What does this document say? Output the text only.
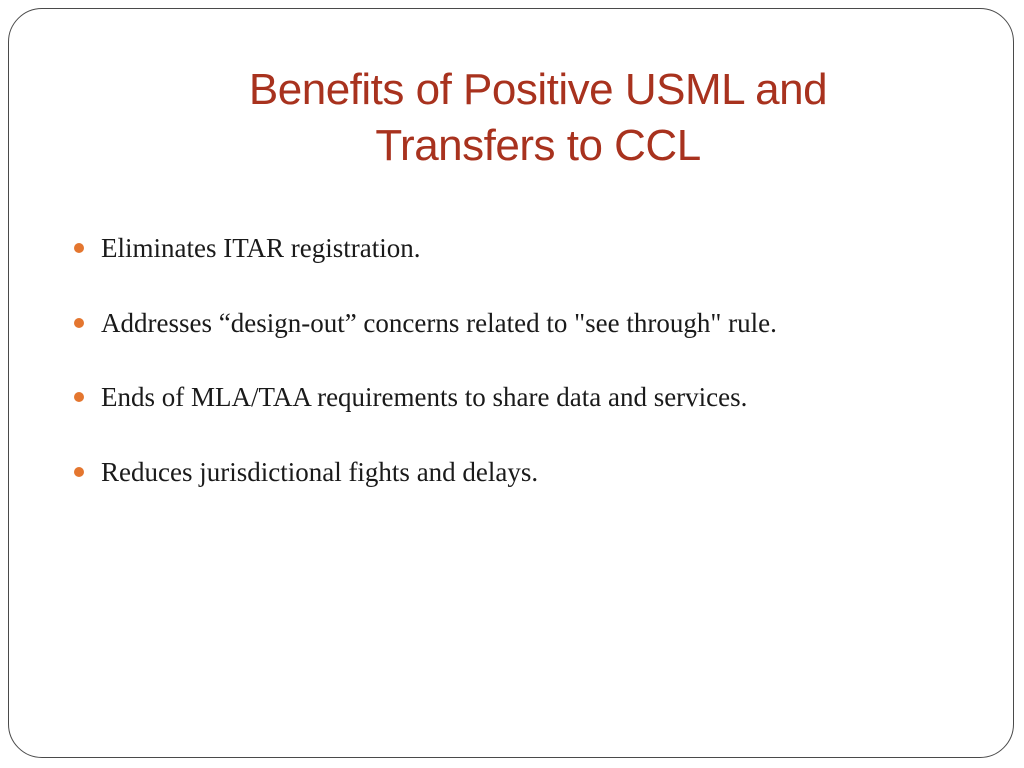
Benefits of Positive USML and
Transfers to CCL
Eliminates ITAR registration.
Addresses “design-out” concerns related to "see through" rule.
Ends of MLA/TAA requirements to share data and services.
Reduces jurisdictional fights and delays.
